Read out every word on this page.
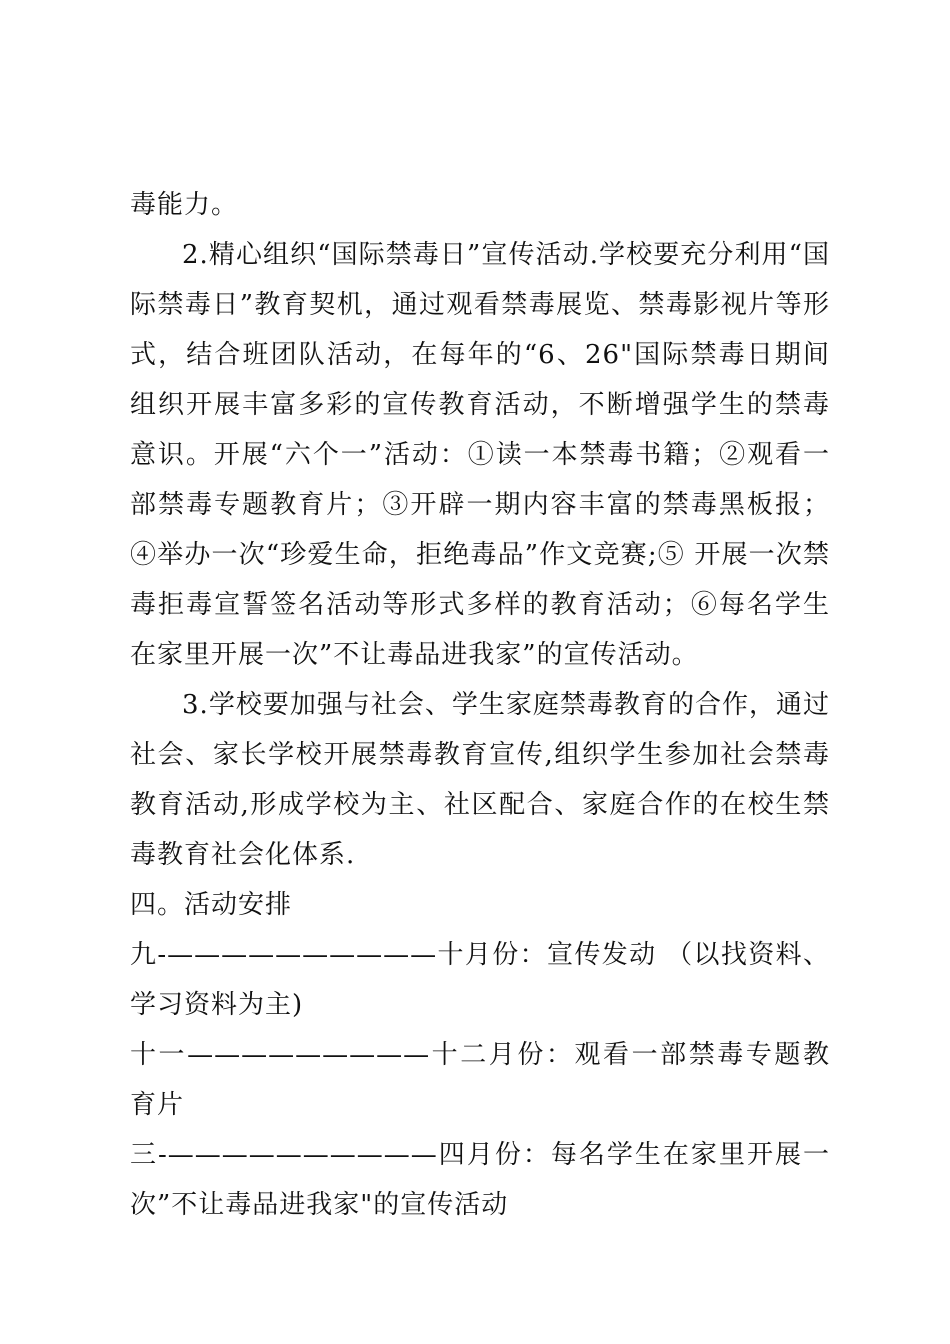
毒能力。

2.精心组织“国际禁毒日”宣传活动.学校要充分利用“国际禁毒日”教育契机，通过观看禁毒展览、禁毒影视片等形式，结合班团队活动，在每年的“6、26"国际禁毒日期间组织开展丰富多彩的宣传教育活动，不断增强学生的禁毒意识。开展“六个一”活动：①读一本禁毒书籍；②观看一部禁毒专题教育片；③开辟一期内容丰富的禁毒黑板报；④举办一次“珍爱生命，拒绝毒品”作文竞赛;⑤ 开展一次禁毒拒毒宣誓签名活动等形式多样的教育活动；⑥每名学生在家里开展一次”不让毒品进我家”的宣传活动。

3.学校要加强与社会、学生家庭禁毒教育的合作，通过社会、家长学校开展禁毒教育宣传,组织学生参加社会禁毒教育活动,形成学校为主、社区配合、家庭合作的在校生禁毒教育社会化体系.

四。活动安排

九-——————————十月份：宣传发动 （以找资料、学习资料为主)

十一—————————十二月份：观看一部禁毒专题教育片

三-——————————四月份：每名学生在家里开展一次”不让毒品进我家"的宣传活动
